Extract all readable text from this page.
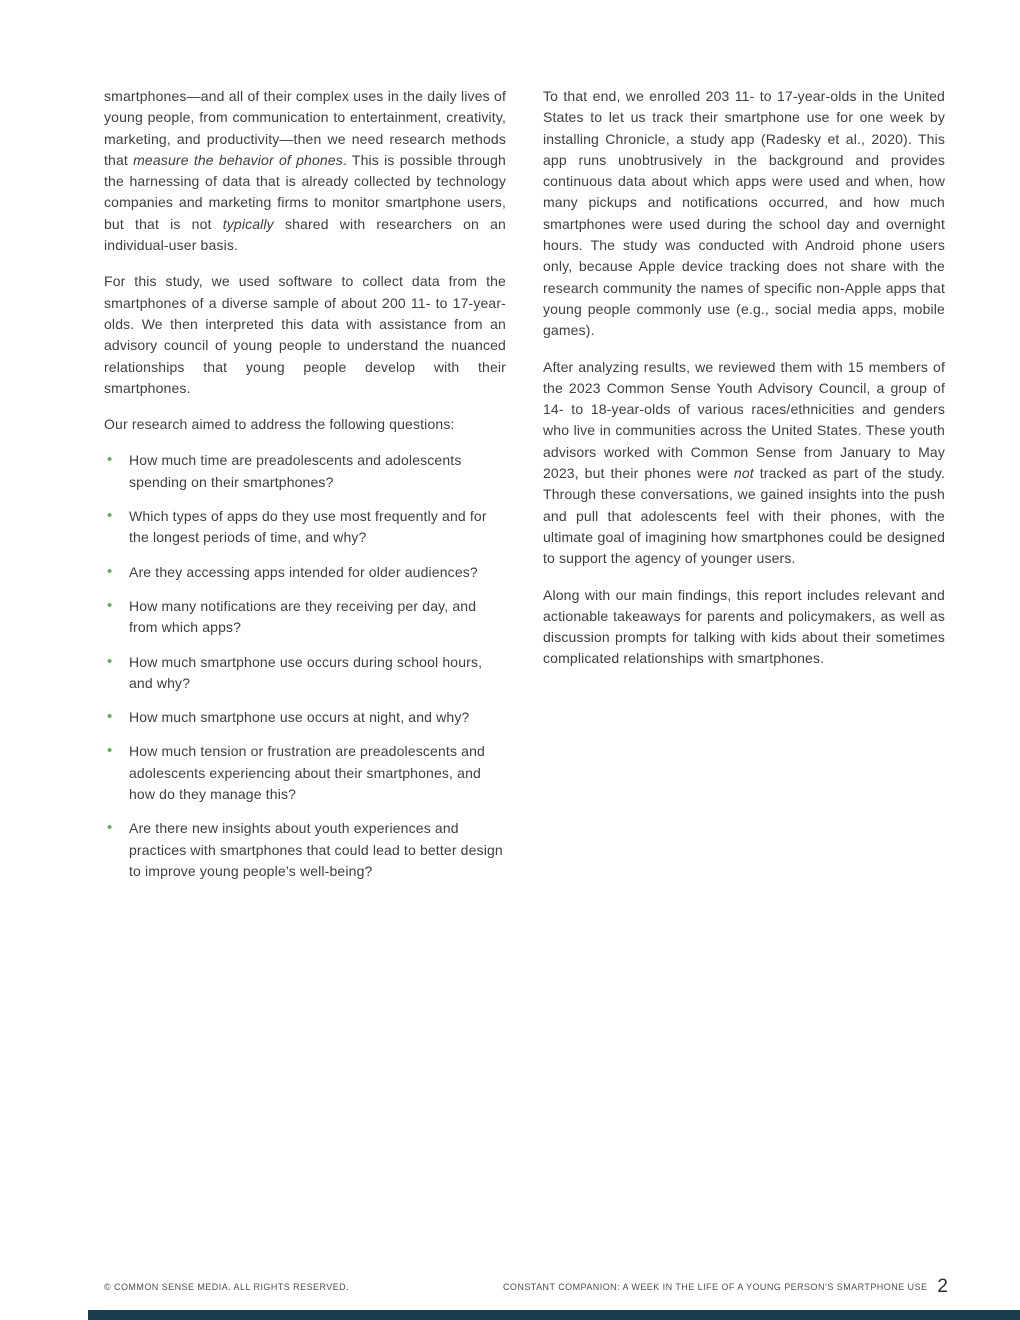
smartphones—and all of their complex uses in the daily lives of young people, from communication to entertainment, creativity, marketing, and productivity—then we need research methods that measure the behavior of phones. This is possible through the harnessing of data that is already collected by technology companies and marketing firms to monitor smartphone users, but that is not typically shared with researchers on an individual-user basis.

For this study, we used software to collect data from the smartphones of a diverse sample of about 200 11- to 17-year-olds. We then interpreted this data with assistance from an advisory council of young people to understand the nuanced relationships that young people develop with their smartphones.

Our research aimed to address the following questions:

• How much time are preadolescents and adolescents spending on their smartphones?
• Which types of apps do they use most frequently and for the longest periods of time, and why?
• Are they accessing apps intended for older audiences?
• How many notifications are they receiving per day, and from which apps?
• How much smartphone use occurs during school hours, and why?
• How much smartphone use occurs at night, and why?
• How much tension or frustration are preadolescents and adolescents experiencing about their smartphones, and how do they manage this?
• Are there new insights about youth experiences and practices with smartphones that could lead to better design to improve young people’s well-being?

To that end, we enrolled 203 11- to 17-year-olds in the United States to let us track their smartphone use for one week by installing Chronicle, a study app (Radesky et al., 2020). This app runs unobtrusively in the background and provides continuous data about which apps were used and when, how many pickups and notifications occurred, and how much smartphones were used during the school day and overnight hours. The study was conducted with Android phone users only, because Apple device tracking does not share with the research community the names of specific non-Apple apps that young people commonly use (e.g., social media apps, mobile games).

After analyzing results, we reviewed them with 15 members of the 2023 Common Sense Youth Advisory Council, a group of 14- to 18-year-olds of various races/ethnicities and genders who live in communities across the United States. These youth advisors worked with Common Sense from January to May 2023, but their phones were not tracked as part of the study. Through these conversations, we gained insights into the push and pull that adolescents feel with their phones, with the ultimate goal of imagining how smartphones could be designed to support the agency of younger users.

Along with our main findings, this report includes relevant and actionable takeaways for parents and policymakers, as well as discussion prompts for talking with kids about their sometimes complicated relationships with smartphones.

© COMMON SENSE MEDIA. ALL RIGHTS RESERVED.	CONSTANT COMPANION: A WEEK IN THE LIFE OF A YOUNG PERSON’S SMARTPHONE USE 2
